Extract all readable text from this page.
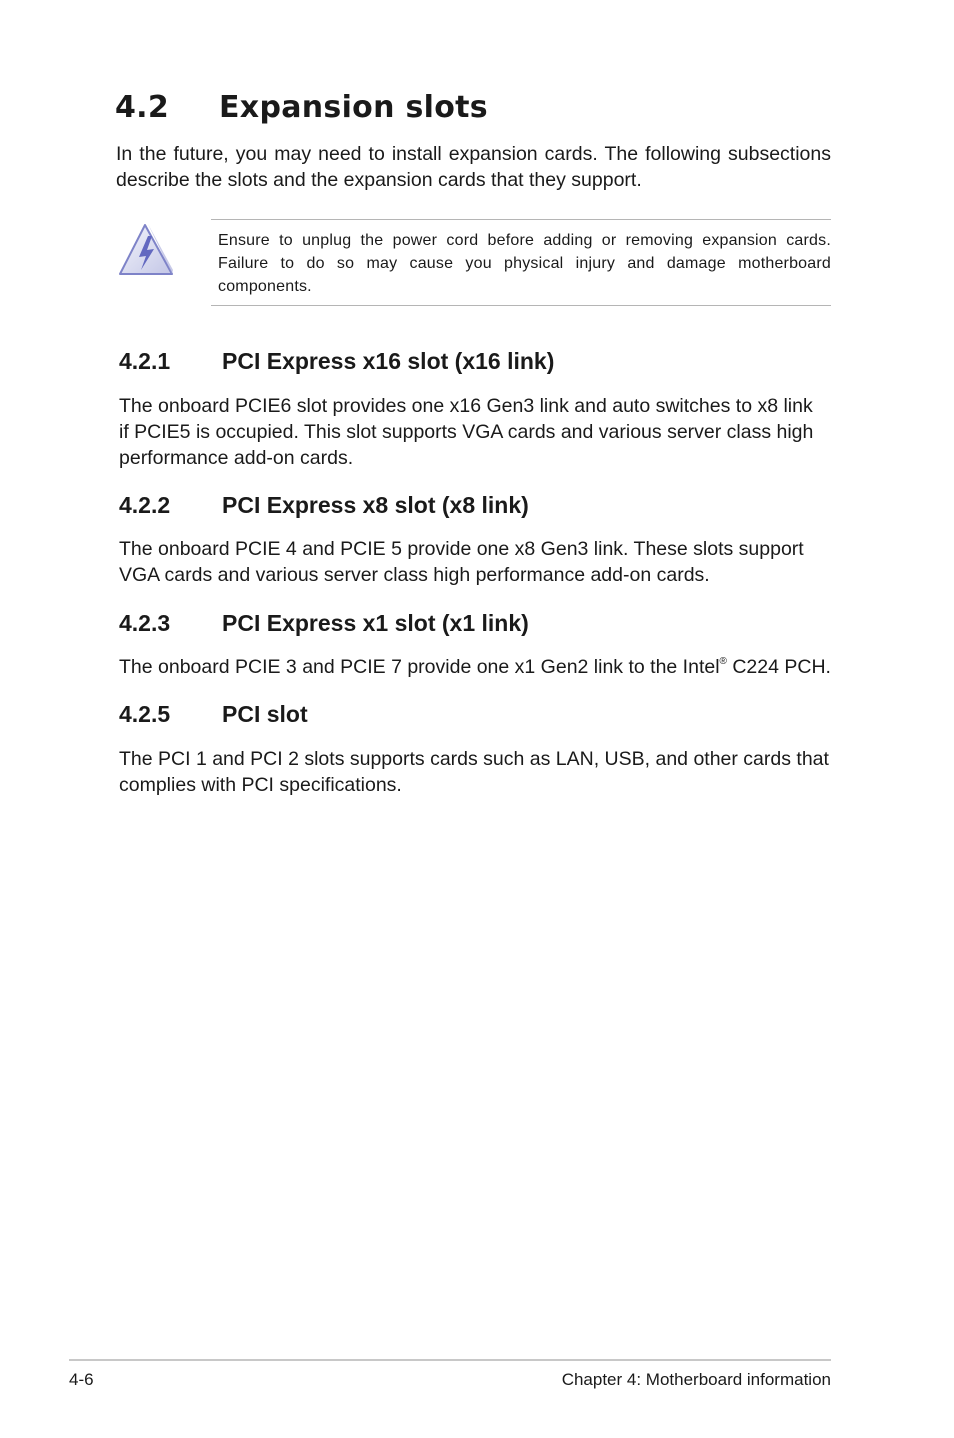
4.2 Expansion slots

In the future, you may need to install expansion cards. The following subsections describe the slots and the expansion cards that they support.

Ensure to unplug the power cord before adding or removing expansion cards. Failure to do so may cause you physical injury and damage motherboard components.

4.2.1 PCI Express x16 slot (x16 link)

The onboard PCIE6 slot provides one x16 Gen3 link and auto switches to x8 link
if PCIE5 is occupied. This slot supports VGA cards and various server class high
performance add-on cards.

4.2.2 PCI Express x8 slot (x8 link)

The onboard PCIE 4 and PCIE 5 provide one x8 Gen3 link. These slots support
VGA cards and various server class high performance add-on cards.

4.2.3 PCI Express x1 slot (x1 link)

The onboard PCIE 3 and PCIE 7 provide one x1 Gen2 link to the Intel® C224 PCH.

4.2.5 PCI slot

The PCI 1 and PCI 2 slots supports cards such as LAN, USB, and other cards that
complies with PCI specifications.

4-6	Chapter 4: Motherboard information
